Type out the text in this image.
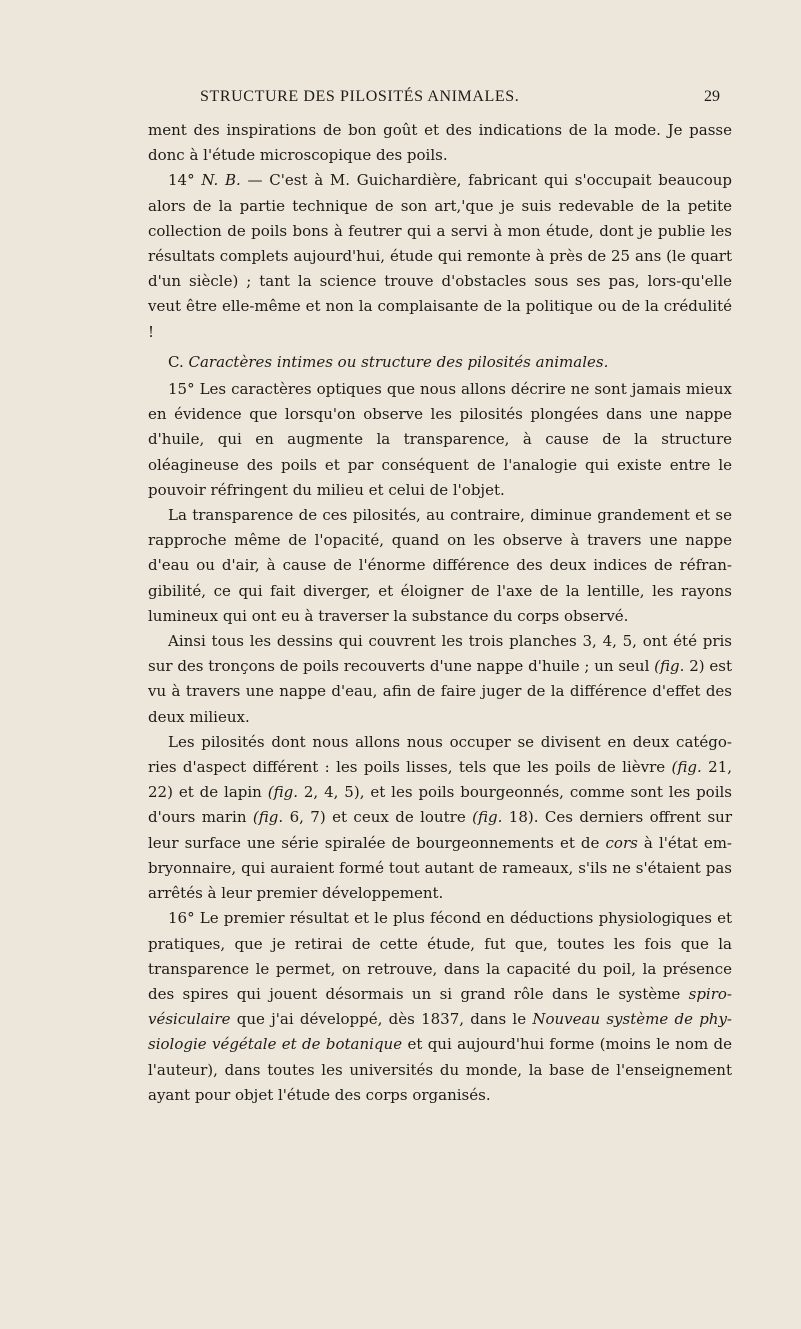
STRUCTURE DES PILOSITÉS ANIMALES.	29

ment des inspirations de bon goût et des indications de la mode. Je passe donc à l'étude microscopique des poils.

14° N. B. — C'est à M. Guichardière, fabricant qui s'occupait beaucoup alors de la partie technique de son art,'que je suis redevable de la petite collection de poils bons à feutrer qui a servi à mon étude, dont je publie les résultats complets aujourd'hui, étude qui remonte à près de 25 ans (le quart d'un siècle) ; tant la science trouve d'obstacles sous ses pas, lors-qu'elle veut être elle-même et non la complaisante de la politique ou de la crédulité !

C. Caractères intimes ou structure des pilosités animales.

15° Les caractères optiques que nous allons décrire ne sont jamais mieux en évidence que lorsqu'on observe les pilosités plongées dans une nappe d'huile, qui en augmente la transparence, à cause de la structure oléagineuse des poils et par conséquent de l'analogie qui existe entre le pouvoir réfringent du milieu et celui de l'objet.

La transparence de ces pilosités, au contraire, diminue grandement et se rapproche même de l'opacité, quand on les observe à travers une nappe d'eau ou d'air, à cause de l'énorme différence des deux indices de réfran-gibilité, ce qui fait diverger, et éloigner de l'axe de la lentille, les rayons lumineux qui ont eu à traverser la substance du corps observé.

Ainsi tous les dessins qui couvrent les trois planches 3, 4, 5, ont été pris sur des tronçons de poils recouverts d'une nappe d'huile ; un seul (fig. 2) est vu à travers une nappe d'eau, afin de faire juger de la différence d'effet des deux milieux.

Les pilosités dont nous allons nous occuper se divisent en deux catégo-ries d'aspect différent : les poils lisses, tels que les poils de lièvre (fig. 21, 22) et de lapin (fig. 2, 4, 5), et les poils bourgeonnés, comme sont les poils d'ours marin (fig. 6, 7) et ceux de loutre (fig. 18). Ces derniers offrent sur leur surface une série spiralée de bourgeonnements et de cors à l'état em-bryonnaire, qui auraient formé tout autant de rameaux, s'ils ne s'étaient pas arrêtés à leur premier développement.

16° Le premier résultat et le plus fécond en déductions physiologiques et pratiques, que je retirai de cette étude, fut que, toutes les fois que la transparence le permet, on retrouve, dans la capacité du poil, la présence des spires qui jouent désormais un si grand rôle dans le système spiro-vésiculaire que j'ai développé, dès 1837, dans le Nouveau système de phy-siologie végétale et de botanique et qui aujourd'hui forme (moins le nom de l'auteur), dans toutes les universités du monde, la base de l'enseignement ayant pour objet l'étude des corps organisés.
